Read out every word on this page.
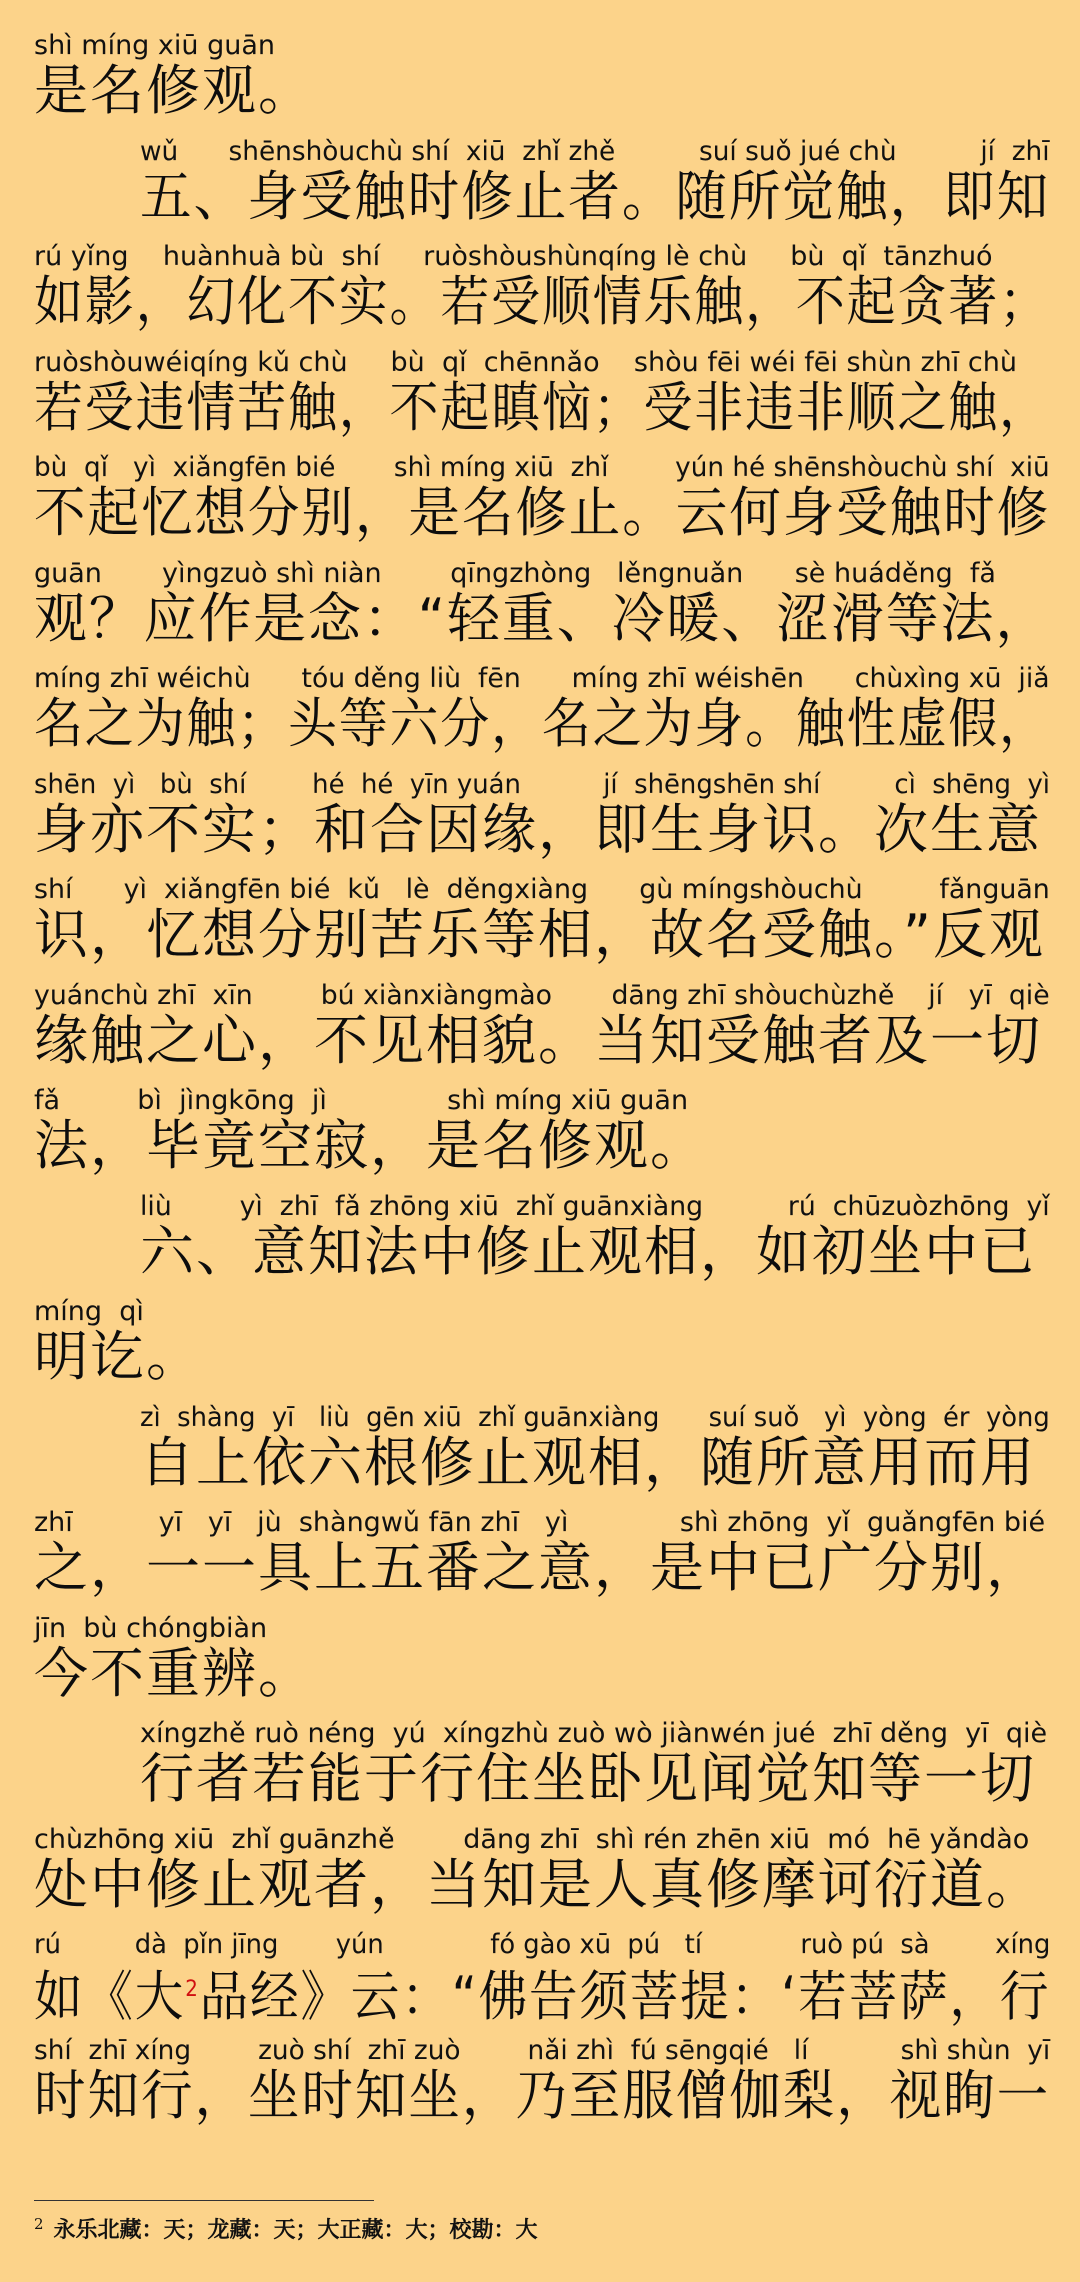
shì míng xiū guān
是名修观。
wǔ      shēnshòuchù shí  xiū  zhǐ zhě          suí suǒ jué chù          jí  zhī
五、身受触时修止者。随所觉触，即知
rú yǐng    huànhuà bù  shí     ruòshòushùnqíng lè chù     bù  qǐ  tānzhuó
如影，幻化不实。若受顺情乐触，不起贪著；
ruòshòuwéiqíng kǔ chù     bù  qǐ  chēnnǎo    shòu fēi wéi fēi shùn zhī chù
若受违情苦触，不起瞋恼；受非违非顺之触，
bù  qǐ   yì  xiǎngfēn bié       shì míng xiū  zhǐ        yún hé shēnshòuchù shí  xiū
不起忆想分别，是名修止。云何身受触时修
guān       yìngzuò shì niàn        qīngzhòng   lěngnuǎn      sè huáděng  fǎ
观？应作是念：“轻重、冷暖、涩滑等法，
míng zhī wéichù      tóu děng liù  fēn      míng zhī wéishēn      chùxìng xū  jiǎ
名之为触；头等六分，名之为身。触性虚假，
shēn  yì   bù  shí        hé  hé  yīn yuán          jí  shēngshēn shí         cì  shēng  yì
身亦不实；和合因缘，即生身识。次生意
shí      yì  xiǎngfēn bié  kǔ   lè  děngxiàng      gù míngshòuchù         fǎnguān
识，忆想分别苦乐等相，故名受触。”反观
yuánchù zhī  xīn        bú xiànxiàngmào       dāng zhī shòuchùzhě    jí   yī  qiè
缘触之心，不见相貌。当知受触者及一切
fǎ         bì  jìngkōng  jì              shì míng xiū guān
法，毕竟空寂，是名修观。
liù        yì  zhī  fǎ zhōng xiū  zhǐ guānxiàng          rú  chūzuòzhōng  yǐ
六、意知法中修止观相，如初坐中已
míng  qì
明讫。
zì  shàng  yī   liù  gēn xiū  zhǐ guānxiàng      suí suǒ   yì  yòng  ér  yòng
自上依六根修止观相，随所意用而用
zhī          yī   yī   jù  shàngwǔ fān zhī   yì             shì zhōng  yǐ  guǎngfēn bié
之，一一具上五番之意，是中已广分别，
jīn  bù chóngbiàn
今不重辨。
xíngzhě ruò néng  yú  xíngzhù zuò wò jiànwén jué  zhī děng  yī  qiè
行者若能于行住坐卧见闻觉知等一切
chùzhōng xiū  zhǐ guānzhě        dāng zhī  shì rén zhēn xiū  mó  hē yǎndào
处中修止观者，当知是人真修摩诃衍道。
rú         dà  pǐn jīng       yún             fó gào xū  pú   tí            ruò pú  sà        xíng
如《大$^2$品经》云：“佛告须菩提：‘若菩萨，行
shí  zhī xíng        zuò shí  zhī zuò        nǎi zhì  fú sēngqié   lí           shì shùn  yī
时知行，坐时知坐，乃至服僧伽梨，视眴一
$^2$ 永乐北藏：天；龙藏：天；大正藏：大；校勘：大
